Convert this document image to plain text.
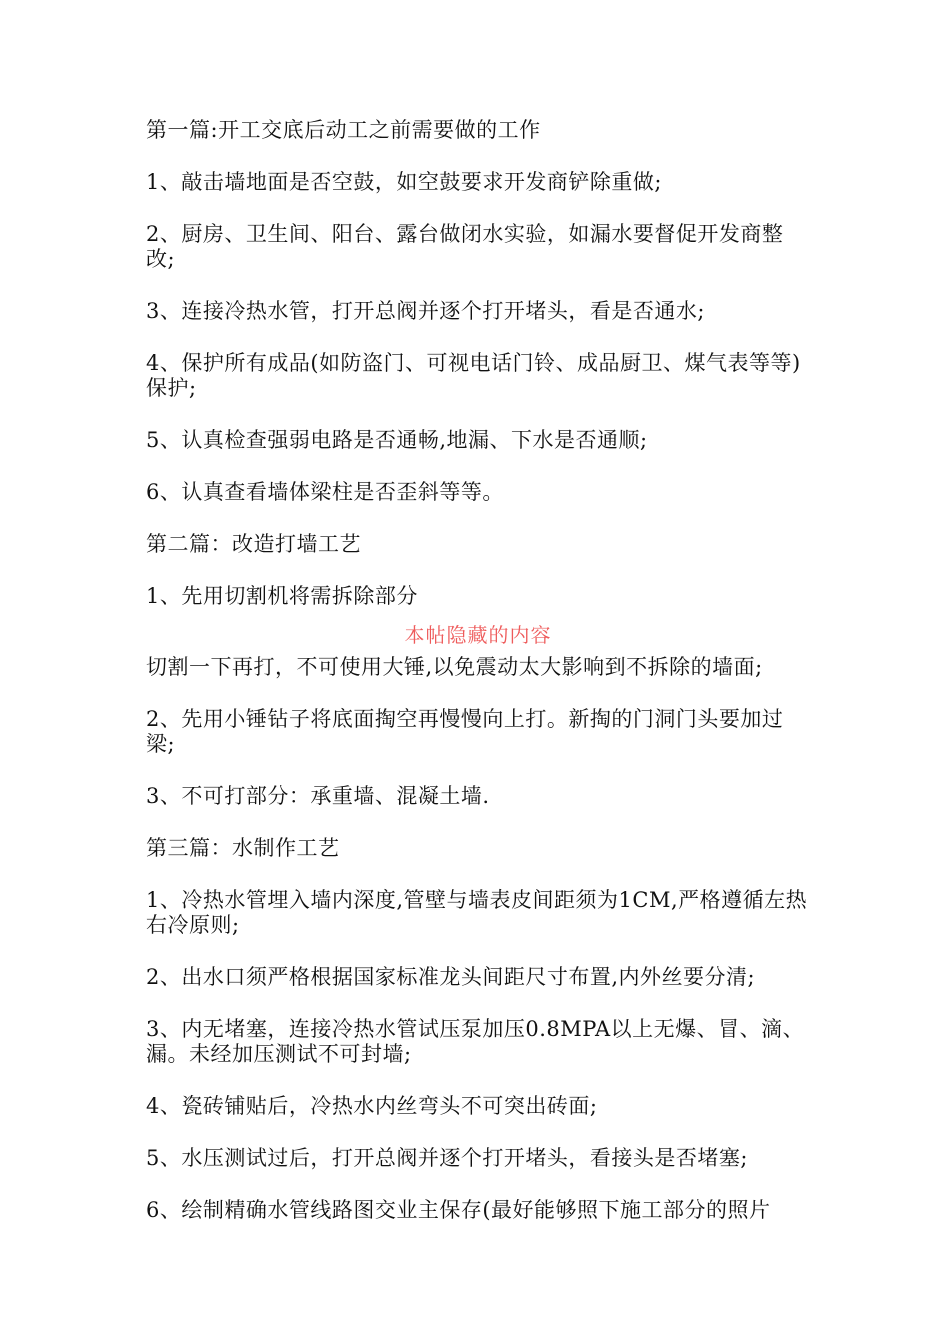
第一篇:开工交底后动工之前需要做的工作

1、敲击墙地面是否空鼓，如空鼓要求开发商铲除重做;

2、厨房、卫生间、阳台、露台做闭水实验，如漏水要督促开发商整改;

3、连接冷热水管，打开总阀并逐个打开堵头，看是否通水;

4、保护所有成品(如防盗门、可视电话门铃、成品厨卫、煤气表等等) 保护;

5、认真检查强弱电路是否通畅,地漏、下水是否通顺;

6、认真查看墙体梁柱是否歪斜等等。

第二篇：改造打墙工艺

1、先用切割机将需拆除部分

本帖隐藏的内容

切割一下再打，不可使用大锤,以免震动太大影响到不拆除的墙面;

2、先用小锤钻子将底面掏空再慢慢向上打。新掏的门洞门头要加过梁;

3、不可打部分：承重墙、混凝土墙.

第三篇：水制作工艺

1、冷热水管埋入墙内深度,管壁与墙表皮间距须为1CM,严格遵循左热右冷原则;

2、出水口须严格根据国家标准龙头间距尺寸布置,内外丝要分清;

3、内无堵塞，连接冷热水管试压泵加压0.8MPA以上无爆、冒、滴、漏。未经加压测试不可封墙;

4、瓷砖铺贴后，冷热水内丝弯头不可突出砖面;

5、水压测试过后，打开总阀并逐个打开堵头，看接头是否堵塞;

6、绘制精确水管线路图交业主保存(最好能够照下施工部分的照片
